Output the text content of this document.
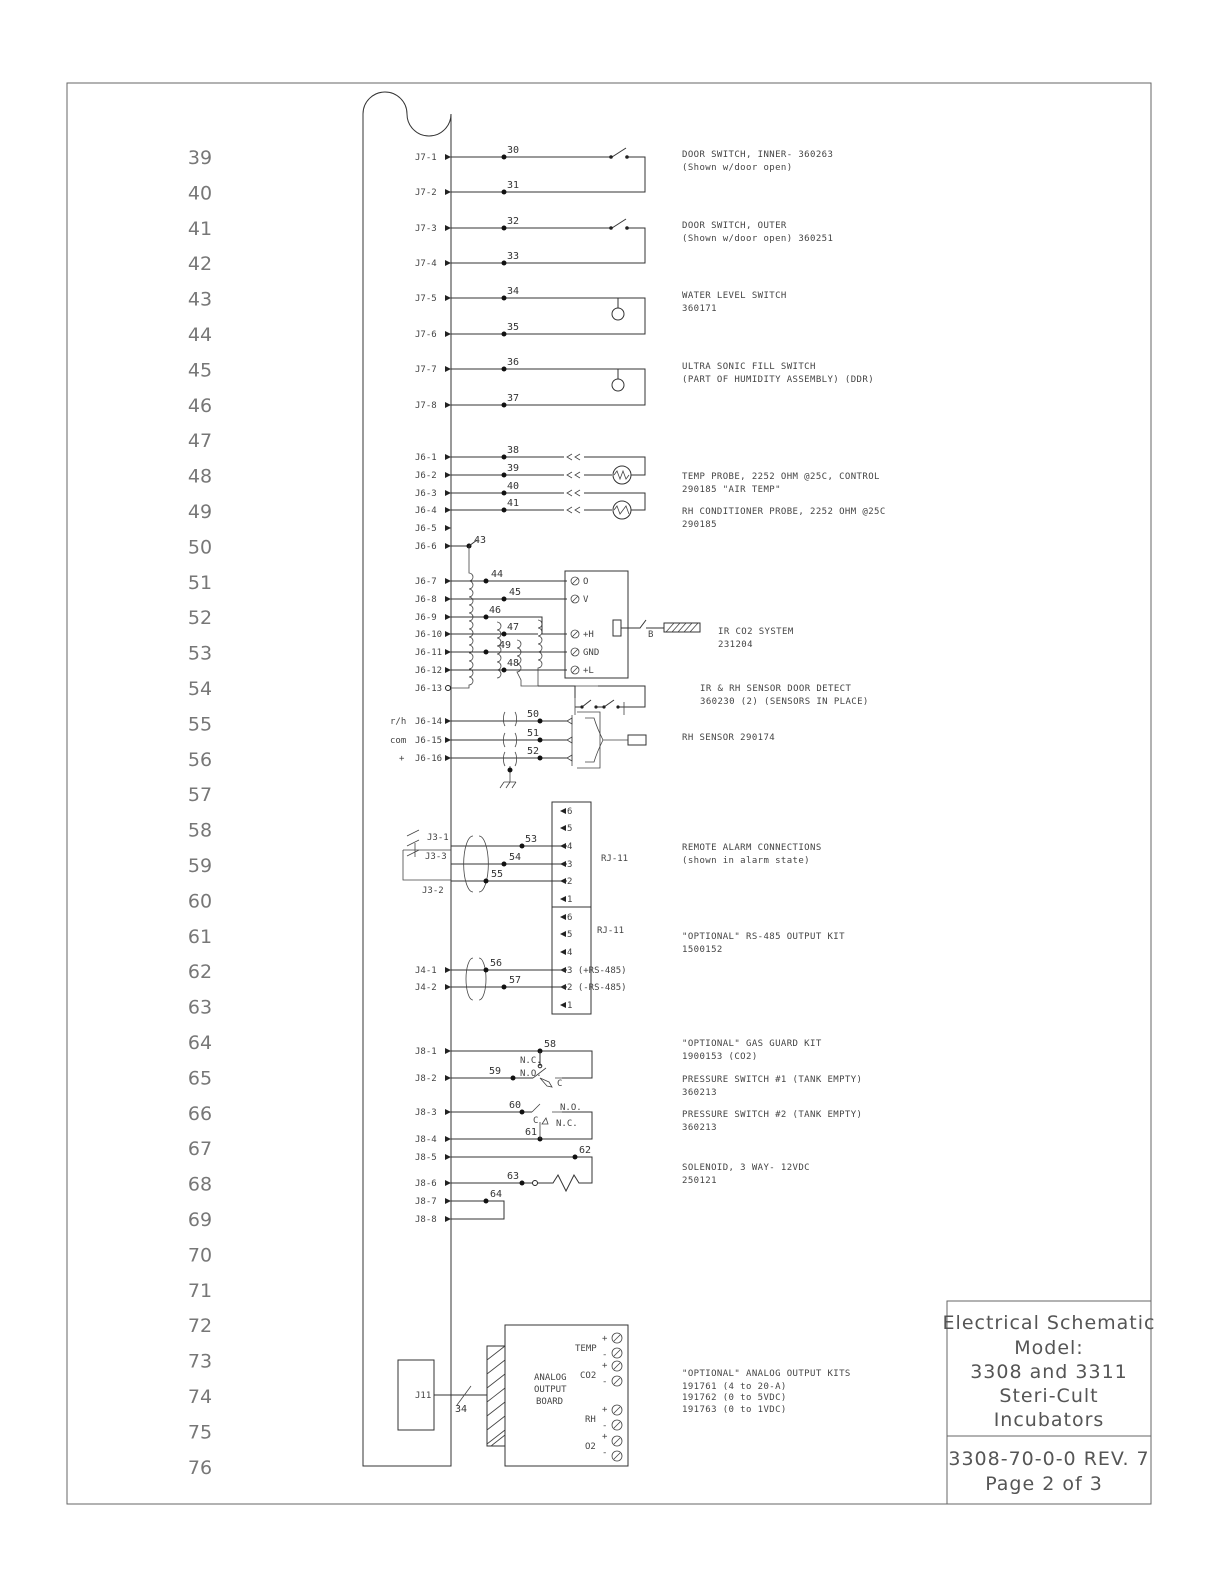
39
40
41
42
43
44
45
46
47
48
49
50
51
52
53
54
55
56
57
58
59
60
61
62
63
64
65
66
67
68
69
70
71
72
73
74
75
76
J7-1
J7-2
J7-3
J7-4
J7-5
J7-6
J7-7
J7-8
30
31
32
33
34
35
36
37
DOOR SWITCH, INNER- 360263
(Shown w/door open)
DOOR SWITCH, OUTER
(Shown w/door open) 360251
WATER LEVEL SWITCH
360171
ULTRA SONIC FILL SWITCH
(PART OF HUMIDITY ASSEMBLY) (DDR)
J6-1
J6-2
J6-3
J6-4
J6-5
J6-6
J6-7
J6-8
J6-9
J6-10
J6-11
J6-12
J6-13
J6-14
J6-15
J6-16
r/h
com
+
38
39
40
41
43
44
45
46
47
49
48
O
V
+H
GND
+L
B
50
51
52
TEMP PROBE, 2252 OHM @25C, CONTROL
290185 "AIR TEMP"
RH CONDITIONER PROBE, 2252 OHM @25C
290185
IR CO2 SYSTEM
231204
IR & RH SENSOR DOOR DETECT
360230 (2) (SENSORS IN PLACE)
RH SENSOR 290174
J3-1
J3-3
J3-2
53
54
55
6
5
4
3
2
1
RJ-11
6
5
4
3 (+RS-485)
2 (-RS-485)
1
RJ-11
J4-1
J4-2
56
57
REMOTE ALARM CONNECTIONS
(shown in alarm state)
"OPTIONAL" RS-485 OUTPUT KIT
1500152
J8-1
J8-2
J8-3
J8-4
J8-5
J8-6
J8-7
J8-8
N.C.
N.O.
C
58
59
N.O.
C N.C.
60
61
62
63
64
"OPTIONAL" GAS GUARD KIT
1900153 (CO2)
PRESSURE SWITCH #1 (TANK EMPTY)
360213
PRESSURE SWITCH #2 (TANK EMPTY)
360213
SOLENOID, 3 WAY- 12VDC
250121
J11
34
ANALOG
OUTPUT
BOARD
TEMP
CO2
RH
O2
+
-
+
-
+
-
+
-
"OPTIONAL" ANALOG OUTPUT KITS
191761 (4 to 20-A)
191762 (0 to 5VDC)
191763 (0 to 1VDC)
Electrical Schematic
Model:
3308 and 3311
Steri-Cult
Incubators
3308-70-0-0 REV. 7
Page 2 of 3
